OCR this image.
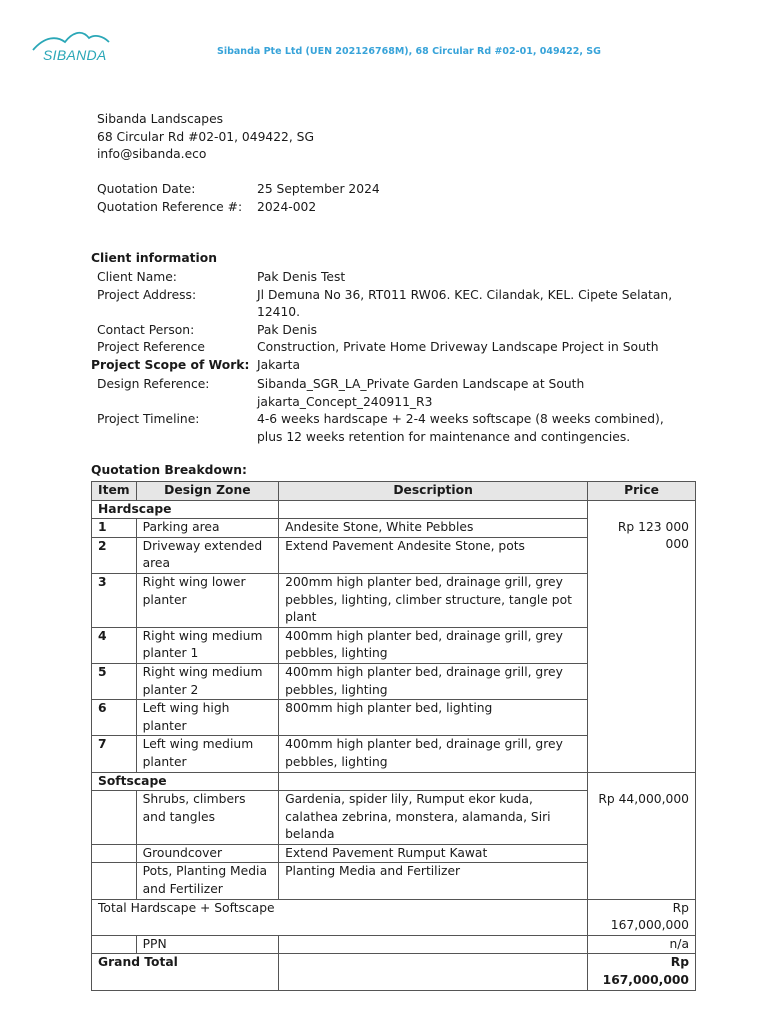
SIBANDA	Sibanda Pte Ltd (UEN 202126768M), 68 Circular Rd #02-01, 049422, SG
Sibanda Landscapes
68 Circular Rd #02-01, 049422, SG
info@sibanda.eco
Quotation Date:	25 September 2024
Quotation Reference #:	2024-002
Client information
Client Name:	Pak Denis Test
Project Address:	Jl Demuna No 36, RT011 RW06. KEC. Cilandak, KEL. Cipete Selatan, 12410.
Contact Person:	Pak Denis
Project Reference	Construction, Private Home Driveway Landscape Project in South Jakarta
Project Scope of Work:
Design Reference:	Sibanda_SGR_LA_Private Garden Landscape at South jakarta_Concept_240911_R3
Project Timeline:	4-6 weeks hardscape + 2-4 weeks softscape (8 weeks combined), plus 12 weeks retention for maintenance and contingencies.
Quotation Breakdown:
Item	Design Zone	Description	Price
Hardscape			
1	Parking area	Andesite Stone, White Pebbles	Rp 123 000 000
2	Driveway extended area	Extend Pavement Andesite Stone, pots	
3	Right wing lower planter	200mm high planter bed, drainage grill, grey pebbles, lighting, climber structure, tangle pot plant	
4	Right wing medium planter 1	400mm high planter bed, drainage grill, grey pebbles, lighting	
5	Right wing medium planter 2	400mm high planter bed, drainage grill, grey pebbles, lighting	
6	Left wing high planter	800mm high planter bed, lighting	
7	Left wing medium planter	400mm high planter bed, drainage grill, grey pebbles, lighting	
Softscape			
	Shrubs, climbers and tangles	Gardenia, spider lily, Rumput ekor kuda, calathea zebrina, monstera, alamanda, Siri belanda	Rp 44,000,000
	Groundcover	Extend Pavement Rumput Kawat	
	Pots, Planting Media and Fertilizer	Planting Media and Fertilizer	
Total Hardscape + Softscape			Rp 167,000,000
	PPN		n/a
Grand Total			Rp 167,000,000
